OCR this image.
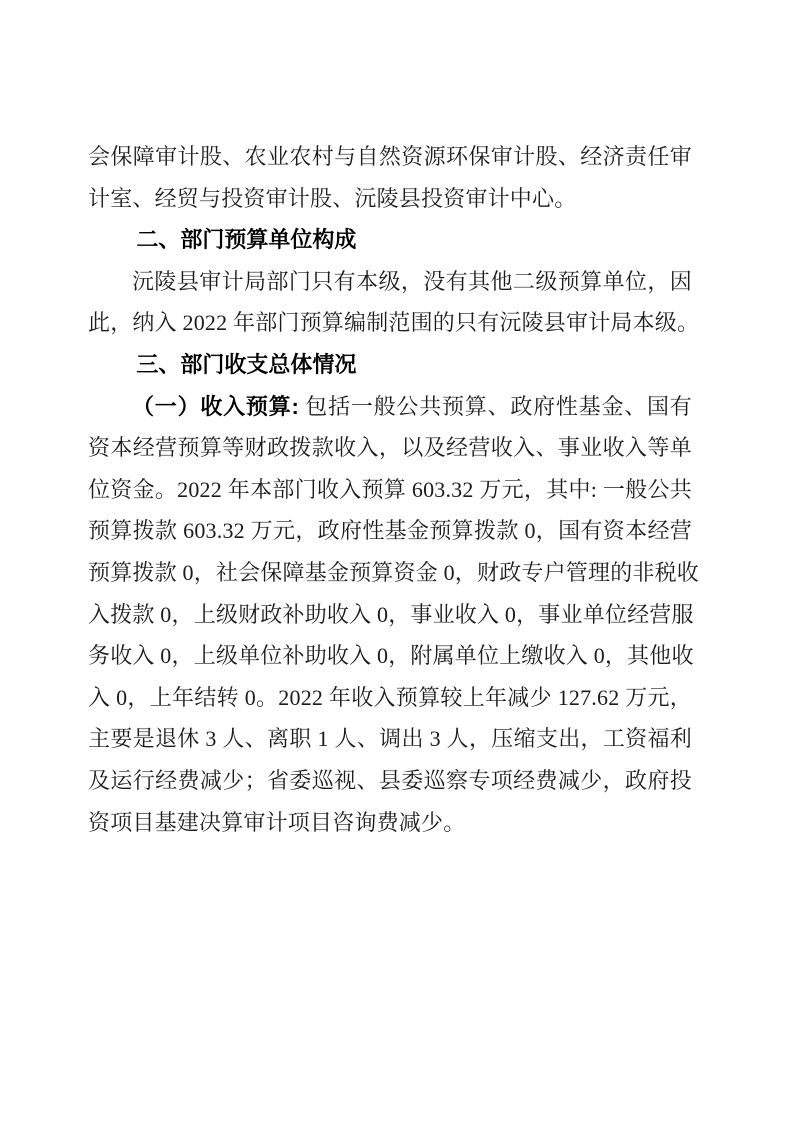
会保障审计股、农业农村与自然资源环保审计股、经济责任审
计室、经贸与投资审计股、沅陵县投资审计中心。
二、部门预算单位构成
沅陵县审计局部门只有本级，没有其他二级预算单位，因
此，纳入 2022 年部门预算编制范围的只有沅陵县审计局本级。
三、部门收支总体情况
（一）收入预算: 包括一般公共预算、政府性基金、国有
资本经营预算等财政拨款收入，以及经营收入、事业收入等单
位资金。2022 年本部门收入预算 603.32 万元，其中: 一般公共
预算拨款 603.32 万元，政府性基金预算拨款 0，国有资本经营
预算拨款 0，社会保障基金预算资金 0，财政专户管理的非税收
入拨款 0，上级财政补助收入 0，事业收入 0，事业单位经营服
务收入 0，上级单位补助收入 0，附属单位上缴收入 0，其他收
入 0，上年结转 0。2022 年收入预算较上年减少 127.62 万元，
主要是退休 3 人、离职 1 人、调出 3 人，压缩支出，工资福利
及运行经费减少；省委巡视、县委巡察专项经费减少，政府投
资项目基建决算审计项目咨询费减少。
